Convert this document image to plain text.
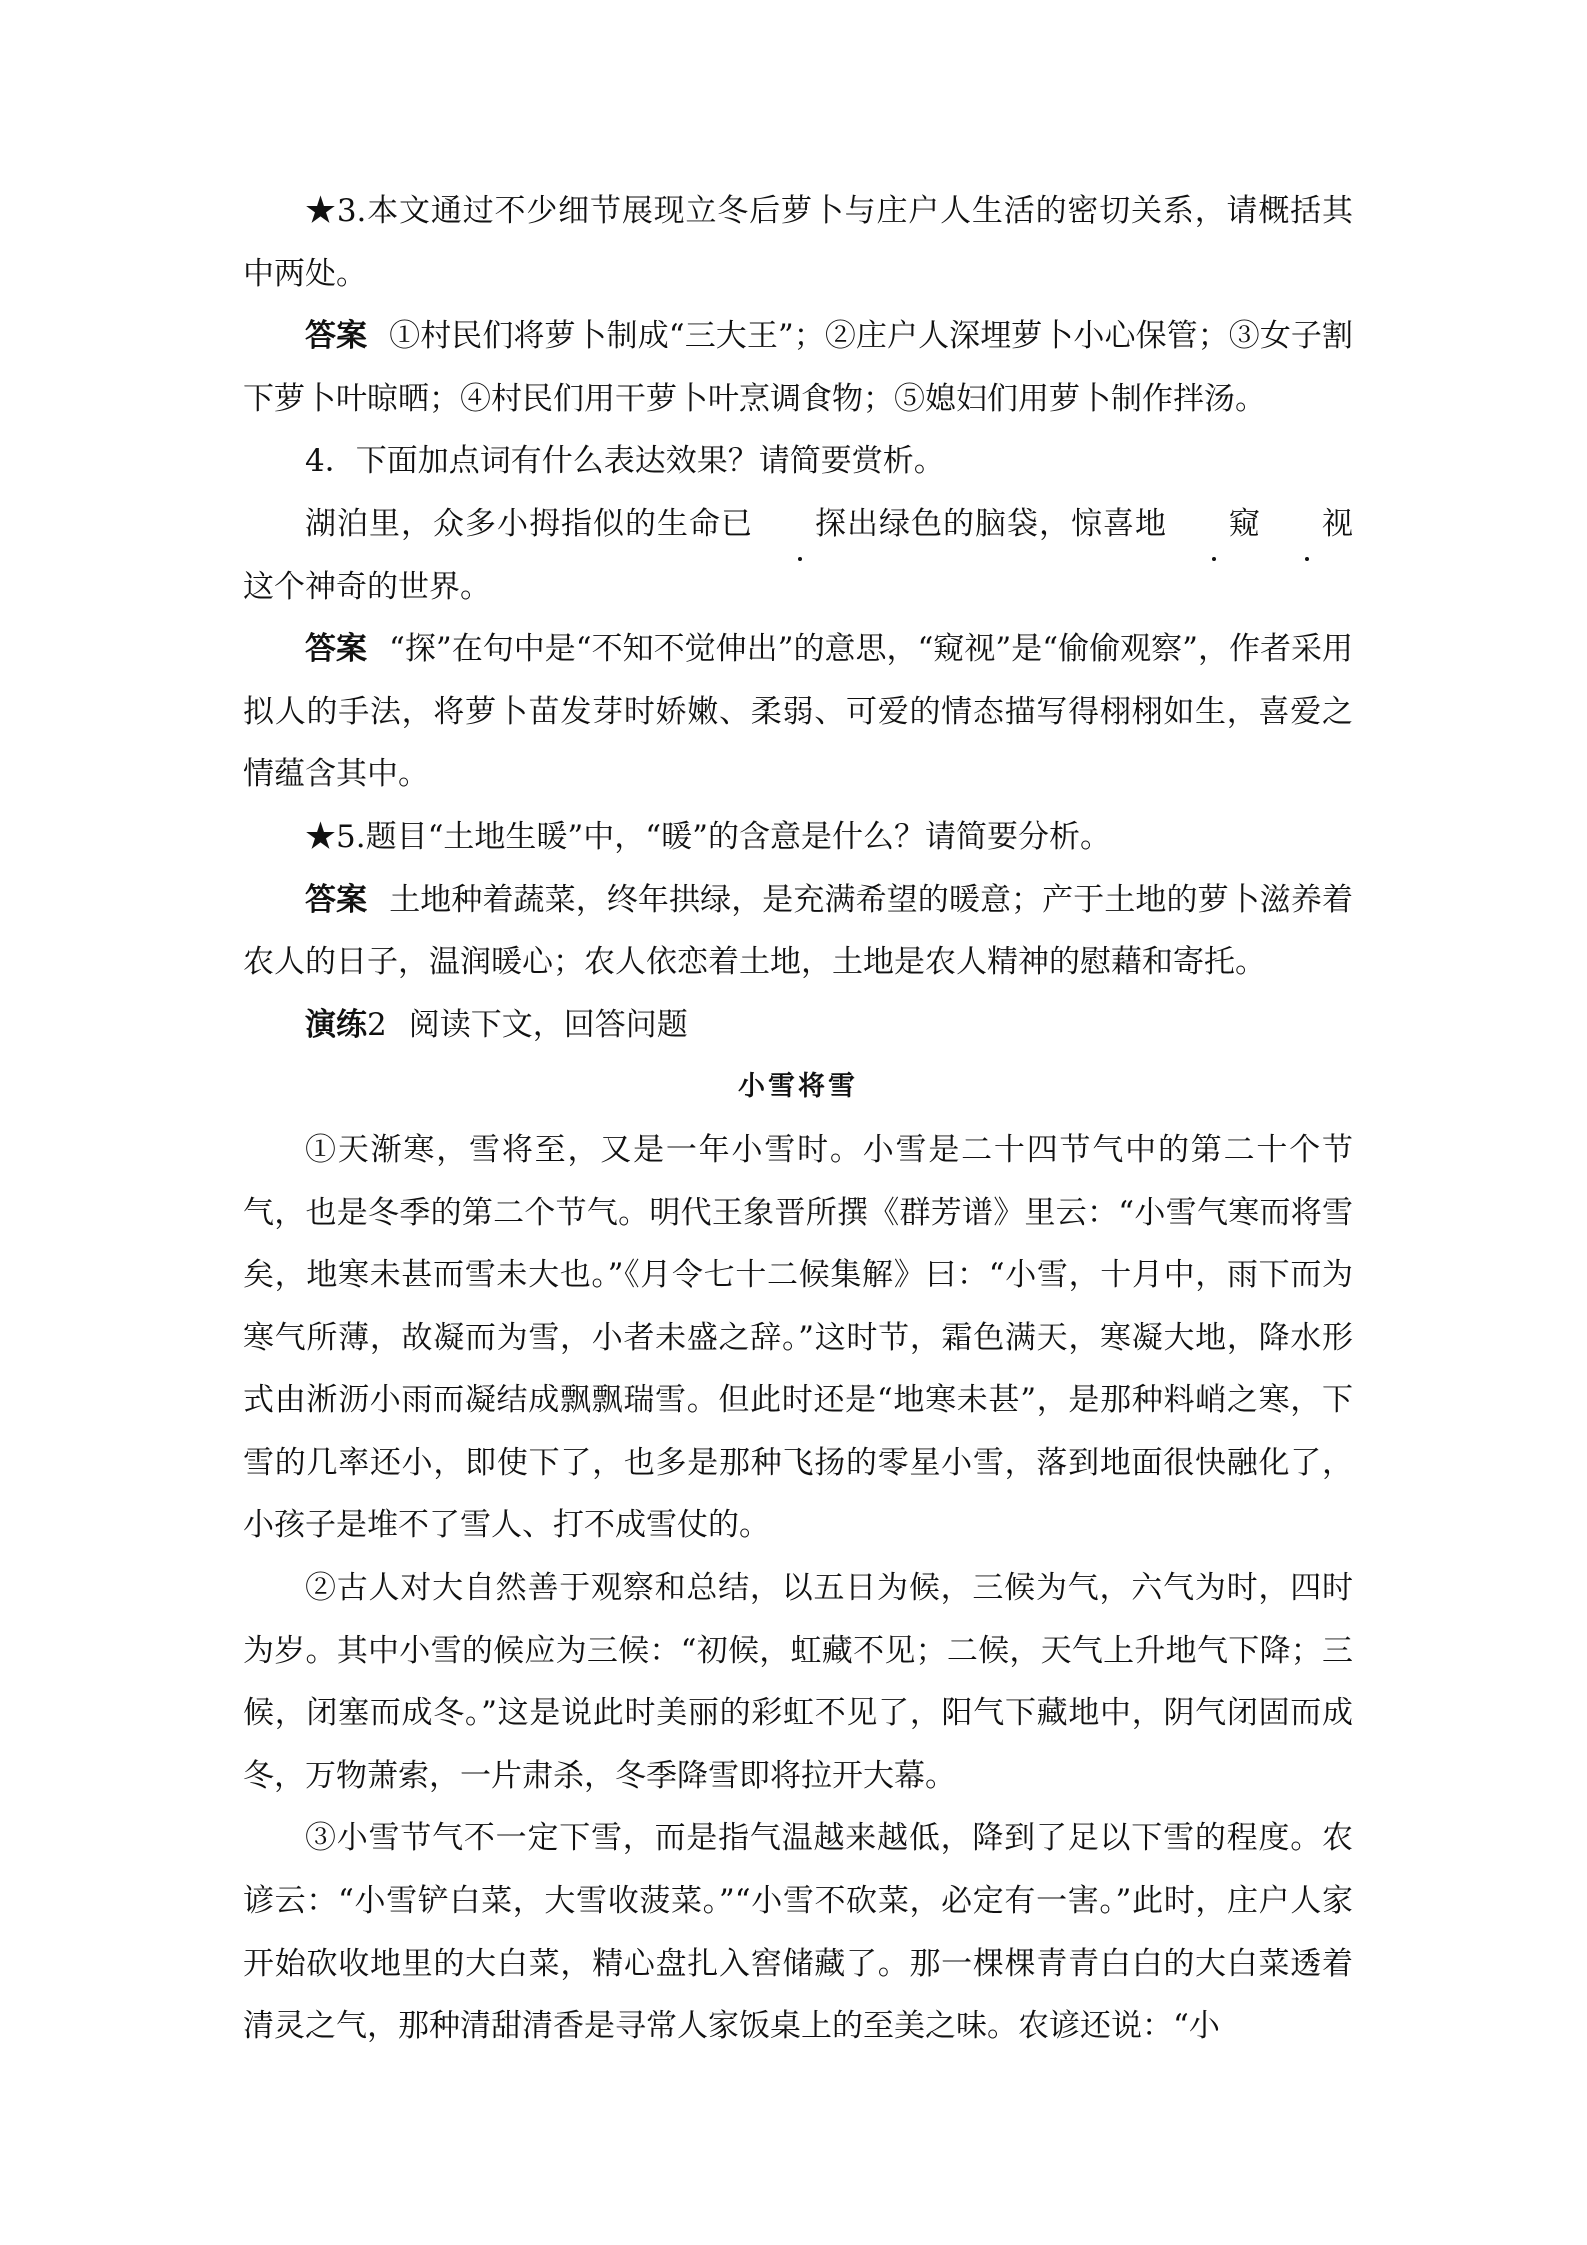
★3.本文通过不少细节展现立冬后萝卜与庄户人生活的密切关系，请概括其中两处。

答案 ①村民们将萝卜制成“三大王”；②庄户人深埋萝卜小心保管；③女子割下萝卜叶晾晒；④村民们用干萝卜叶烹调食物；⑤媳妇们用萝卜制作拌汤。

4．下面加点词有什么表达效果？请简要赏析。

湖泊里，众多小拇指似的生命已 探出绿色的脑袋，惊喜地 窥 视这个神奇的世界。

答案 “探”在句中是“不知不觉伸出”的意思，“窥视”是“偷偷观察”，作者采用拟人的手法，将萝卜苗发芽时娇嫩、柔弱、可爱的情态描写得栩栩如生，喜爱之情蕴含其中。

★5.题目“土地生暖”中，“暖”的含意是什么？请简要分析。

答案 土地种着蔬菜，终年拱绿，是充满希望的暖意；产于土地的萝卜滋养着农人的日子，温润暖心；农人依恋着土地，土地是农人精神的慰藉和寄托。

演练2 阅读下文，回答问题

小雪将雪

①天渐寒，雪将至，又是一年小雪时。小雪是二十四节气中的第二十个节气，也是冬季的第二个节气。明代王象晋所撰《群芳谱》里云：“小雪气寒而将雪矣，地寒未甚而雪未大也。”《月令七十二候集解》曰：“小雪，十月中，雨下而为寒气所薄，故凝而为雪，小者未盛之辞。”这时节，霜色满天，寒凝大地，降水形式由淅沥小雨而凝结成飘飘瑞雪。但此时还是“地寒未甚”，是那种料峭之寒，下雪的几率还小，即使下了，也多是那种飞扬的零星小雪，落到地面很快融化了，小孩子是堆不了雪人、打不成雪仗的。

②古人对大自然善于观察和总结，以五日为候，三候为气，六气为时，四时为岁。其中小雪的候应为三候：“初候，虹藏不见；二候，天气上升地气下降；三候，闭塞而成冬。”这是说此时美丽的彩虹不见了，阳气下藏地中，阴气闭固而成冬，万物萧索，一片肃杀，冬季降雪即将拉开大幕。

③小雪节气不一定下雪，而是指气温越来越低，降到了足以下雪的程度。农谚云：“小雪铲白菜，大雪收菠菜。”“小雪不砍菜，必定有一害。”此时，庄户人家开始砍收地里的大白菜，精心盘扎入窖储藏了。那一棵棵青青白白的大白菜透着清灵之气，那种清甜清香是寻常人家饭桌上的至美之味。农谚还说：“小
